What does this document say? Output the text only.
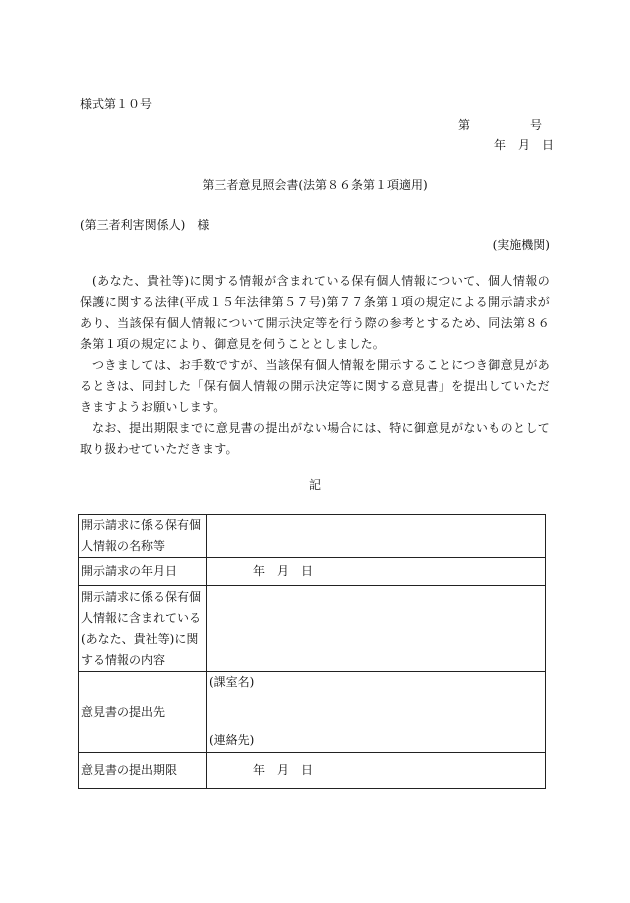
様式第１０号
第　　　　　号
年　月　日
第三者意見照会書(法第８６条第１項適用)
(第三者利害関係人)　様
(実施機関)

(あなた、貴社等)に関する情報が含まれている保有個人情報について、個人情報の保護に関する法律(平成１５年法律第５７号)第７７条第１項の規定による開示請求があり、当該保有個人情報について開示決定等を行う際の参考とするため、同法第８６条第１項の規定により、御意見を伺うこととしました。

つきましては、お手数ですが、当該保有個人情報を開示することにつき御意見があるときは、同封した「保有個人情報の開示決定等に関する意見書」を提出していただきますようお願いします。

なお、提出期限までに意見書の提出がない場合には、特に御意見がないものとして取り扱わせていただきます。

記
開示請求に係る保有個人情報の名称等	
開示請求の年月日	年　月　日
開示請求に係る保有個人情報に含まれている(あなた、貴社等)に関する情報の内容	
意見書の提出先	(課室名)
(連絡先)

意見書の提出期限	年　月　日
